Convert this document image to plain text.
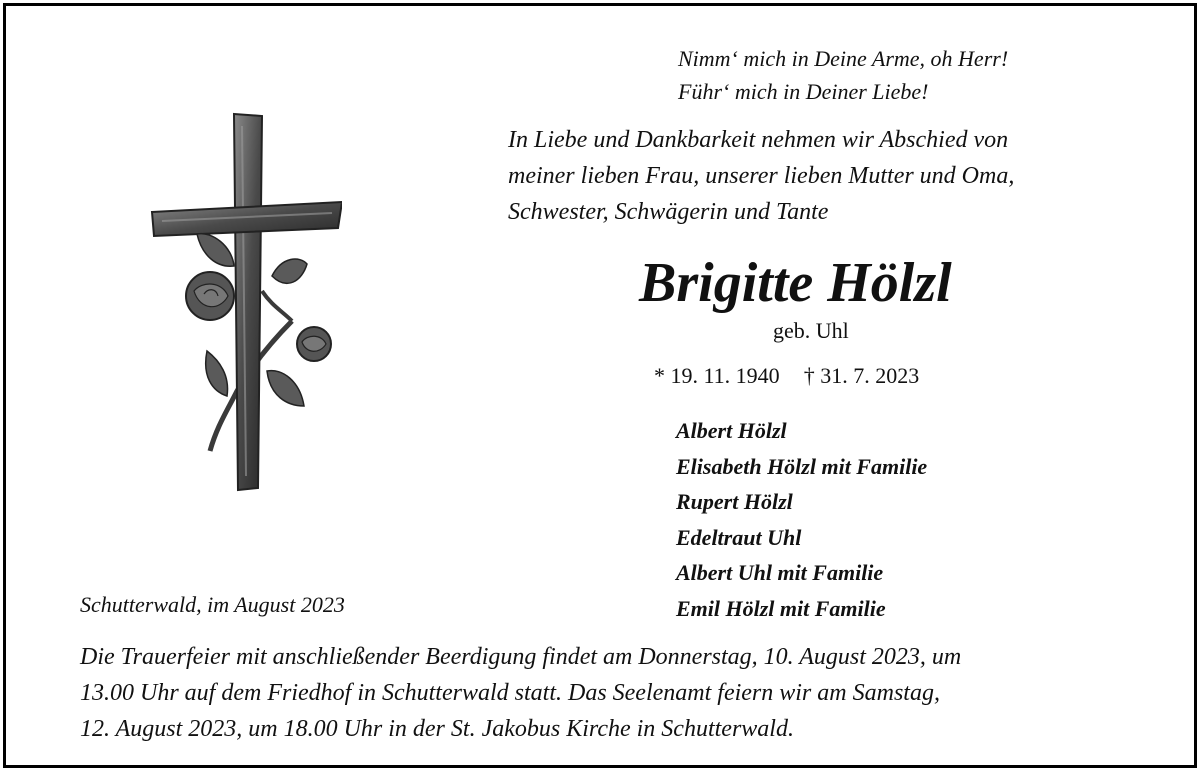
Nimm‘ mich in Deine Arme, oh Herr!
Führ‘ mich in Deiner Liebe!
In Liebe und Dankbarkeit nehmen wir Abschied von
meiner lieben Frau, unserer lieben Mutter und Oma,
Schwester, Schwägerin und Tante
Brigitte Hölzl
geb. Uhl
* 19. 11. 1940 † 31. 7. 2023
Albert Hölzl
Elisabeth Hölzl mit Familie
Rupert Hölzl
Edeltraut Uhl
Albert Uhl mit Familie
Emil Hölzl mit Familie
Schutterwald, im August 2023
Die Trauerfeier mit anschließender Beerdigung findet am Donnerstag, 10. August 2023, um
13.00 Uhr auf dem Friedhof in Schutterwald statt. Das Seelenamt feiern wir am Samstag,
12. August 2023, um 18.00 Uhr in der St. Jakobus Kirche in Schutterwald.
